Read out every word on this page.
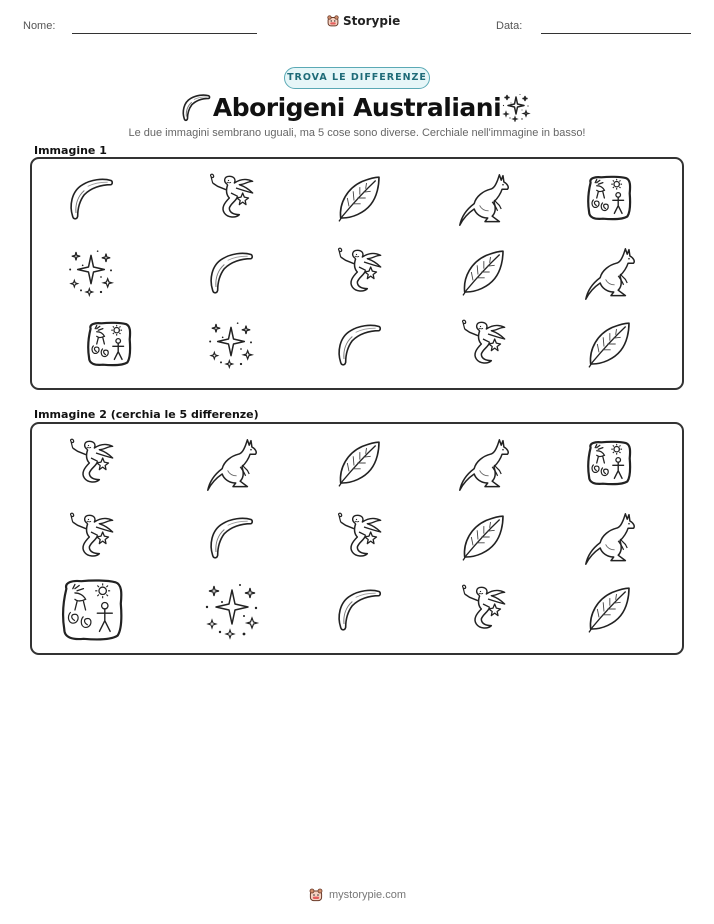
Nome:	Storypie	Data:
TROVA LE DIFFERENZE
Aborigeni Australiani
Le due immagini sembrano uguali, ma 5 cose sono diverse. Cerchiale nell'immagine in basso!
Immagine 1
Immagine 2 (cerchia le 5 differenze)
mystorypie.com
